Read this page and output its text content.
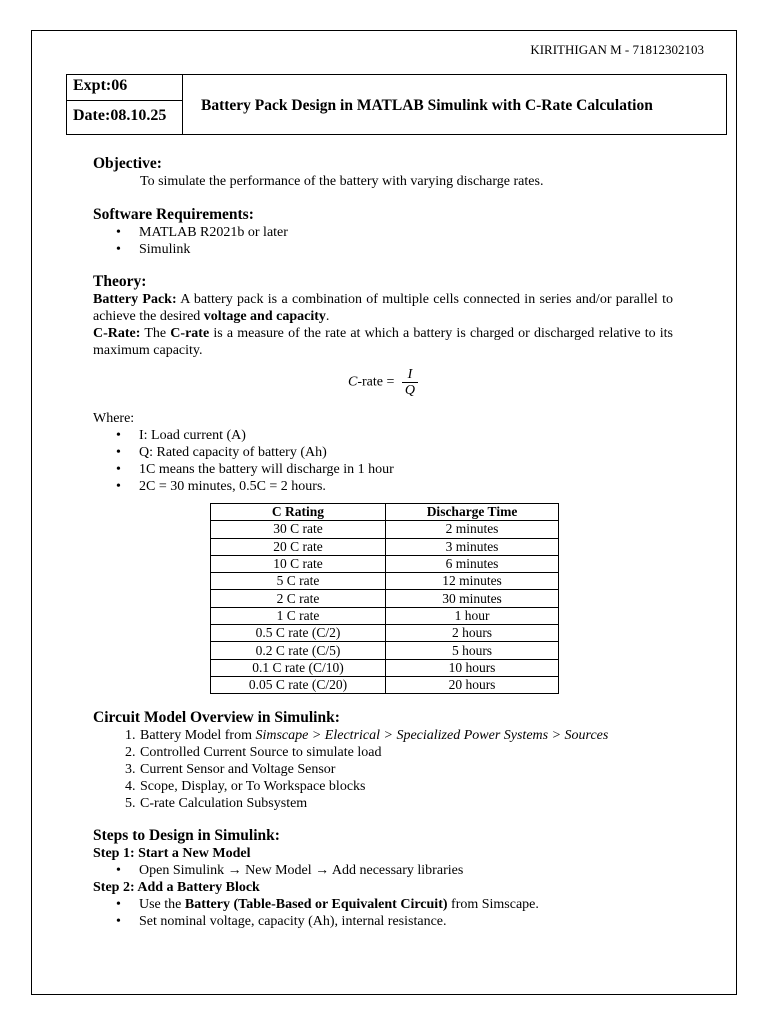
KIRITHIGAN M - 71812302103
Expt:06
Date:08.10.25
Battery Pack Design in MATLAB Simulink with C-Rate Calculation
Objective:
To simulate the performance of the battery with varying discharge rates.
Software Requirements:
• MATLAB R2021b or later
• Simulink
Theory:

Battery Pack: A battery pack is a combination of multiple cells connected in series and/or parallel to achieve the desired voltage and capacity.

C-Rate: The C-rate is a measure of the rate at which a battery is charged or discharged relative to its maximum capacity.

C-rate = $\frac{I}{Q}$

Where:

• I: Load current (A)
• Q: Rated capacity of battery (Ah)
• 1C means the battery will discharge in 1 hour
• 2C = 30 minutes, 0.5C = 2 hours.
C Rating	Discharge Time
30 C rate	2 minutes
20 C rate	3 minutes
10 C rate	6 minutes
5 C rate	12 minutes
2 C rate	30 minutes
1 C rate	1 hour
0.5 C rate (C/2)	2 hours
0.2 C rate (C/5)	5 hours
0.1 C rate (C/10)	10 hours
0.05 C rate (C/20)	20 hours
Circuit Model Overview in Simulink:
1. Battery Model from Simscape > Electrical > Specialized Power Systems > Sources
2. Controlled Current Source to simulate load
3. Current Sensor and Voltage Sensor
4. Scope, Display, or To Workspace blocks
5. C-rate Calculation Subsystem
Steps to Design in Simulink:

Step 1: Start a New Model

• Open Simulink → New Model → Add necessary libraries

Step 2: Add a Battery Block

• Use the Battery (Table-Based or Equivalent Circuit) from Simscape.
• Set nominal voltage, capacity (Ah), internal resistance.
